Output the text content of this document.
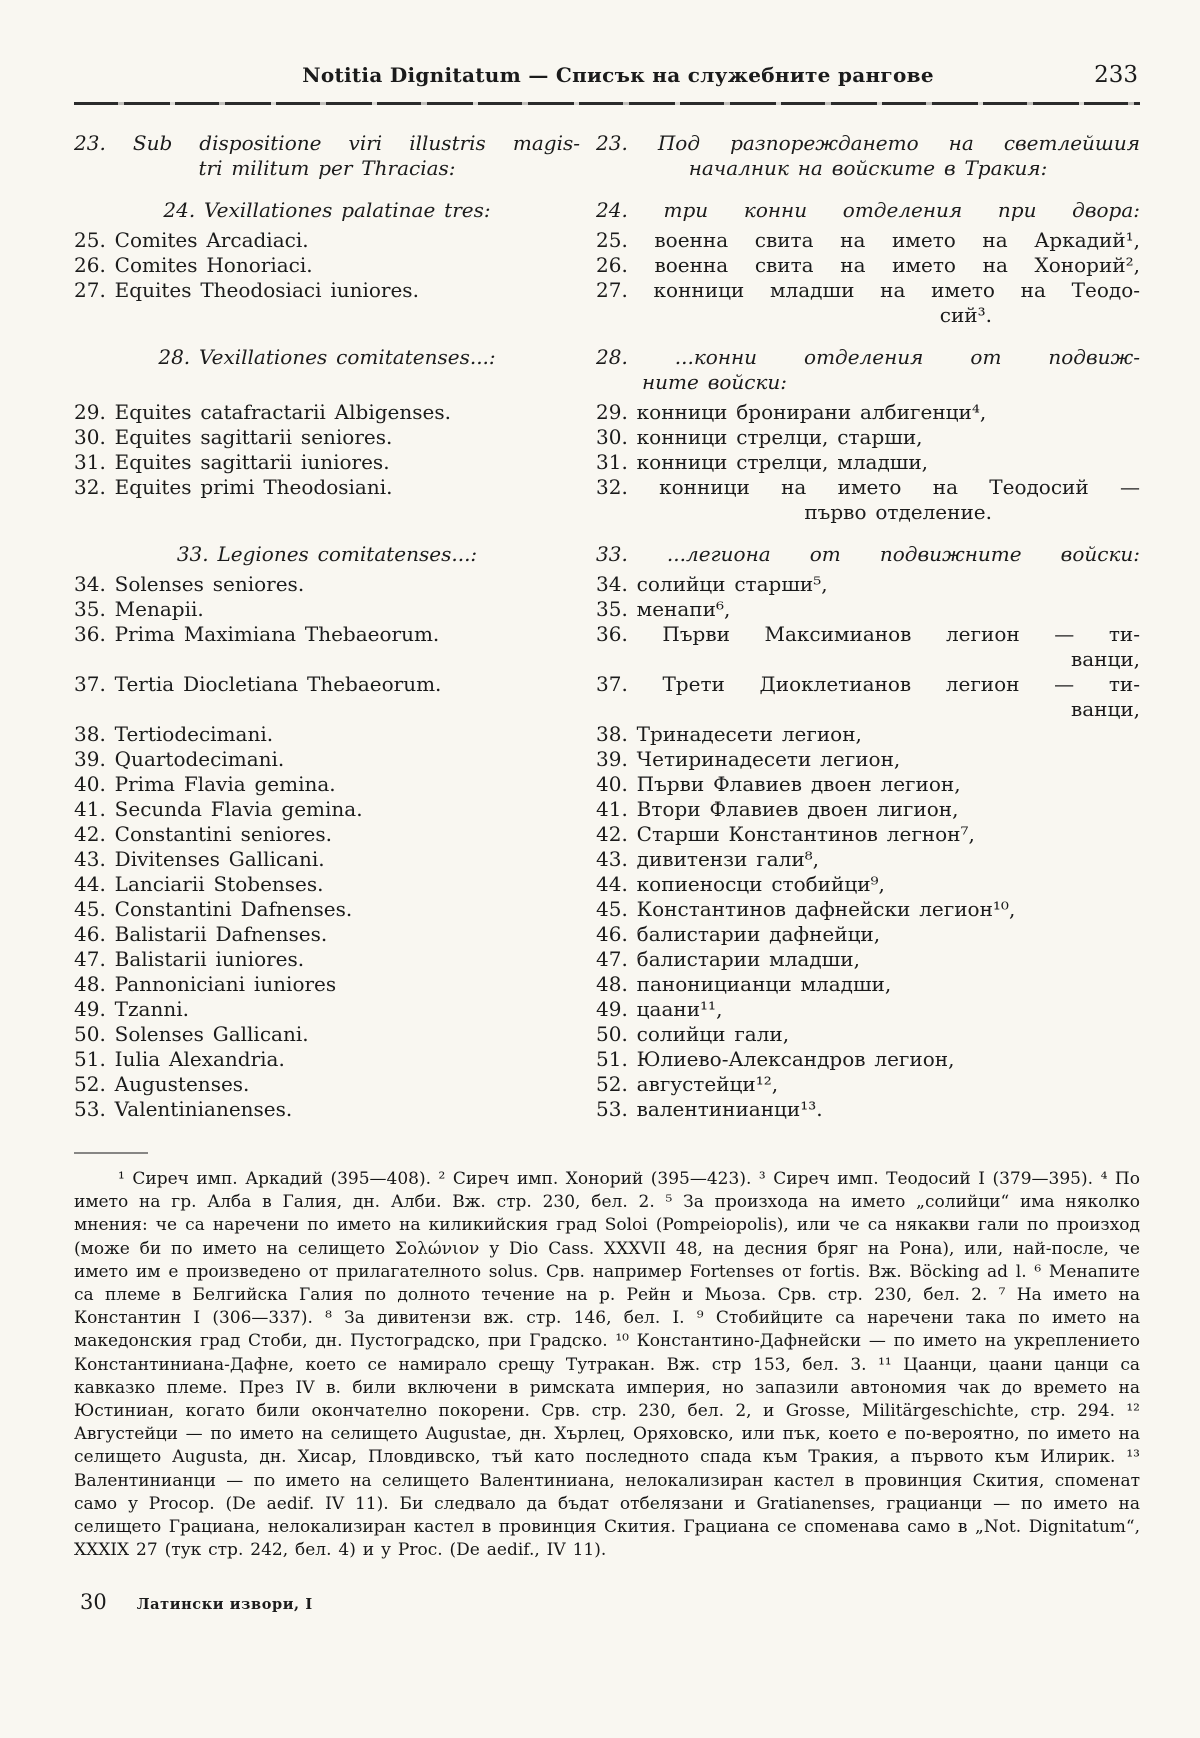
Notitia Dignitatum — Списък на служебните рангове	233
23. Sub dispositione viri illustris magis- 23. Под разпореждането на светлейшия
tri militum per Thracias:	началник на войските в Тракия:
24. Vexillationes palatinae tres:	24. три конни отделения при двора:
25. Comites Arcadiaci.	25. военна свита на името на Аркадий¹,
26. Comites Honoriaci.	26. военна свита на името на Хонорий²,
27. Equites Theodosiaci iuniores.	27. конници младши на името на Теодо-
сий³.
28. Vexillationes comitatenses...:	28. ...конни отделения от подвиж-
ните войски:
29. Equites catafractarii Albigenses.	29. конници бронирани албигенци⁴,
30. Equites sagittarii seniores.	30. конници стрелци, старши,
31. Equites sagittarii iuniores.	31. конници стрелци, младши,
32. Equites primi Theodosiani.	32. конници на името на Теодосий —
първо отделение.
33. Legiones comitatenses...:	33. ...легиона от подвижните войски:
34. Solenses seniores.	34. солийци старши⁵,
35. Menapii.	35. менапи⁶,
36. Prima Maximiana Thebaeorum.	36. Първи Максимианов легион — ти-
ванци,
37. Tertia Diocletiana Thebaeorum.	37. Трети Диоклетианов легион — ти-
ванци,
38. Tertiodecimani.	38. Тринадесети легион,
39. Quartodecimani.	39. Четиринадесети легион,
40. Prima Flavia gemina.	40. Първи Флавиев двоен легион,
41. Secunda Flavia gemina.	41. Втори Флавиев двоен лигион,
42. Constantini seniores.	42. Старши Константинов легнон⁷,
43. Divitenses Gallicani.	43. дивитензи гали⁸,
44. Lanciarii Stobenses.	44. копиеносци стобийци⁹,
45. Constantini Dafnenses.	45. Константинов дафнейски легион¹⁰,
46. Balistarii Dafnenses.	46. балистарии дафнейци,
47. Balistarii iuniores.	47. балистарии младши,
48. Pannoniciani iuniores	48. паноницианци младши,
49. Tzanni.	49. цаани¹¹,
50. Solenses Gallicani.	50. солийци гали,
51. Iulia Alexandria.	51. Юлиево-Александров легион,
52. Augustenses.	52. августейци¹²,
53. Valentinianenses.	53. валентинианци¹³.

¹ Сиреч имп. Аркадий (395—408). ² Сиреч имп. Хонорий (395—423). ³ Сиреч имп. Теодосий I (379—395). ⁴ По името на гр. Алба в Галия, дн. Алби. Вж. стр. 230, бел. 2. ⁵ За произхода на името „солийци“ има няколко мнения: че са наречени по името на киликийския град Soloi (Pompeiopolis), или че са някакви гали по произход (може би по името на селището Σολώνιον у Dio Cass. XXXVII 48, на десния бряг на Рона), или, най-после, че името им е произведено от прилагателното solus. Срв. например Fortenses от fortis. Вж. Böcking ad l. ⁶ Менапите са племе в Белгийска Галия по долното течение на р. Рейн и Мьоза. Срв. стр. 230, бел. 2. ⁷ На името на Константин I (306—337). ⁸ За дивитензи вж. стр. 146, бел. I. ⁹ Стобийците са наречени така по името на македонския град Стоби, дн. Пустоградско, при Градско. ¹⁰ Константино-Дафнейски — по името на укреплението Константиниана-Дафне, което се намирало срещу Тутракан. Вж. стр 153, бел. 3. ¹¹ Цаанци, цаани цанци са кавказко племе. През IV в. били включени в римската империя, но запазили автономия чак до времето на Юстиниан, когато били окончателно покорени. Срв. стр. 230, бел. 2, и Grosse, Militärgeschichte, стр. 294. ¹² Августейци — по името на селището Augustae, дн. Хърлец, Оряховско, или пък, което е по-вероятно, по името на селището Augusta, дн. Хисар, Пловдивско, тъй като последното спада към Тракия, а първото към Илирик. ¹³ Валентинианци — по името на селището Валентиниана, нелокализиран кастел в провинция Скития, споменат само у Procop. (De aedif. IV 11). Би следвало да бъдат отбелязани и Gratianenses, грацианци — по името на селището Грациана, нелокализиран кастел в провинция Скития. Грациана се споменава само в „Not. Dignitatum“, XXXIX 27 (тук стр. 242, бел. 4) и у Proc. (De aedif., IV 11).

30 Латински извори, I
